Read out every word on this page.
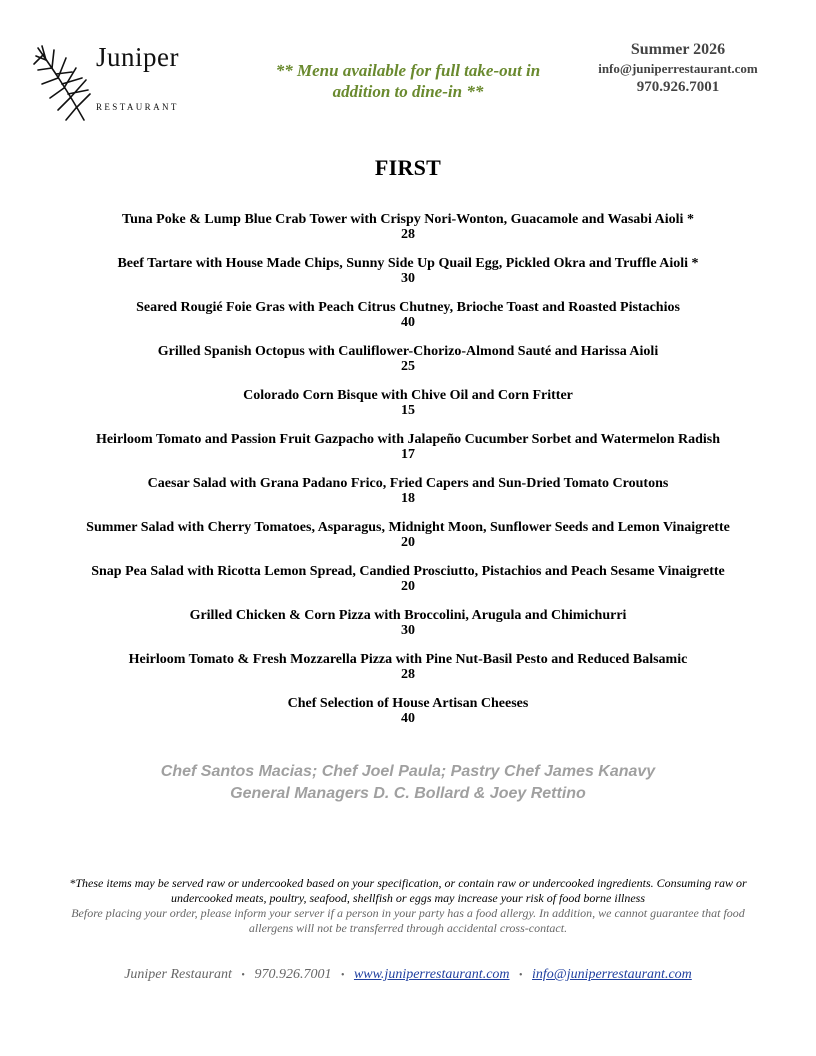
Juniper
RESTAURANT
** Menu available for full take-out in addition to dine-in **
Summer 2026
info@juniperrestaurant.com
970.926.7001
FIRST
Tuna Poke & Lump Blue Crab Tower with Crispy Nori-Wonton, Guacamole and Wasabi Aioli *
28
Beef Tartare with House Made Chips, Sunny Side Up Quail Egg, Pickled Okra and Truffle Aioli *
30
Seared Rougié Foie Gras with Peach Citrus Chutney, Brioche Toast and Roasted Pistachios
40
Grilled Spanish Octopus with Cauliflower-Chorizo-Almond Sauté and Harissa Aioli
25
Colorado Corn Bisque with Chive Oil and Corn Fritter
15
Heirloom Tomato and Passion Fruit Gazpacho with Jalapeño Cucumber Sorbet and Watermelon Radish
17
Caesar Salad with Grana Padano Frico, Fried Capers and Sun-Dried Tomato Croutons
18
Summer Salad with Cherry Tomatoes, Asparagus, Midnight Moon, Sunflower Seeds and Lemon Vinaigrette
20
Snap Pea Salad with Ricotta Lemon Spread, Candied Prosciutto, Pistachios and Peach Sesame Vinaigrette
20
Grilled Chicken & Corn Pizza with Broccolini, Arugula and Chimichurri
30
Heirloom Tomato & Fresh Mozzarella Pizza with Pine Nut-Basil Pesto and Reduced Balsamic
28
Chef Selection of House Artisan Cheeses
40
Chef Santos Macias; Chef Joel Paula; Pastry Chef James Kanavy
General Managers D. C. Bollard & Joey Rettino
*These items may be served raw or undercooked based on your specification, or contain raw or undercooked ingredients. Consuming raw or undercooked meats, poultry, seafood, shellfish or eggs may increase your risk of food borne illness
Before placing your order, please inform your server if a person in your party has a food allergy. In addition, we cannot guarantee that food allergens will not be transferred through accidental cross-contact.
Juniper Restaurant • 970.926.7001 • www.juniperrestaurant.com • info@juniperrestaurant.com
